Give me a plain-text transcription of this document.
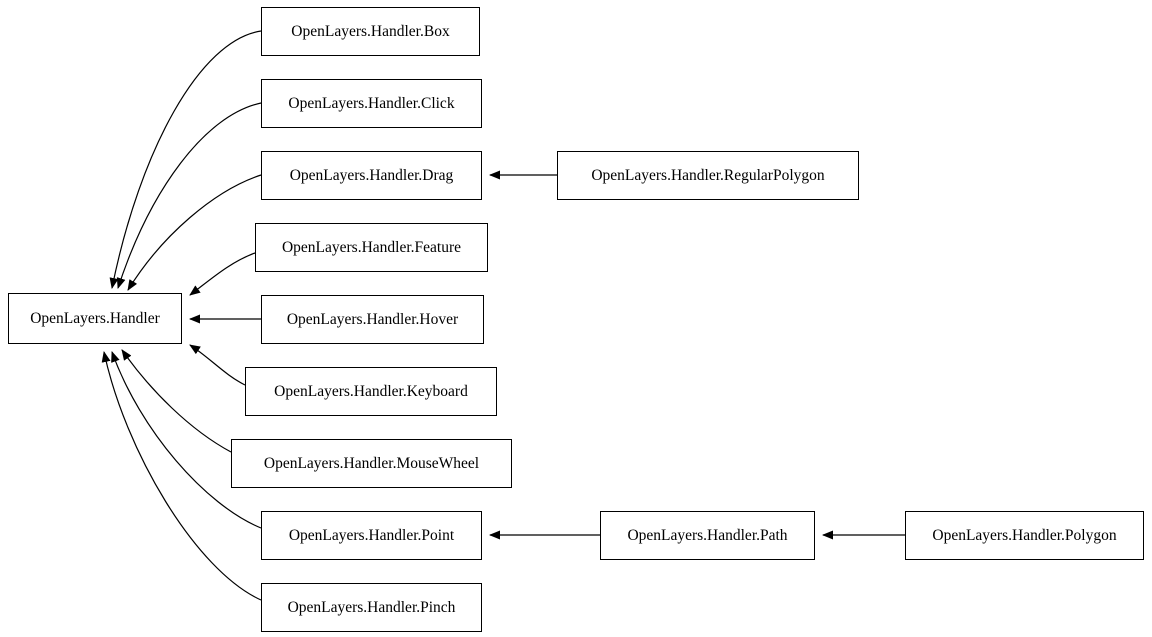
OpenLayers.Handler
OpenLayers.Handler.Box
OpenLayers.Handler.Click
OpenLayers.Handler.Drag
OpenLayers.Handler.Feature
OpenLayers.Handler.Hover
OpenLayers.Handler.Keyboard
OpenLayers.Handler.MouseWheel
OpenLayers.Handler.Point
OpenLayers.Handler.Pinch
OpenLayers.Handler.RegularPolygon
OpenLayers.Handler.Path	OpenLayers.Handler.Polygon
